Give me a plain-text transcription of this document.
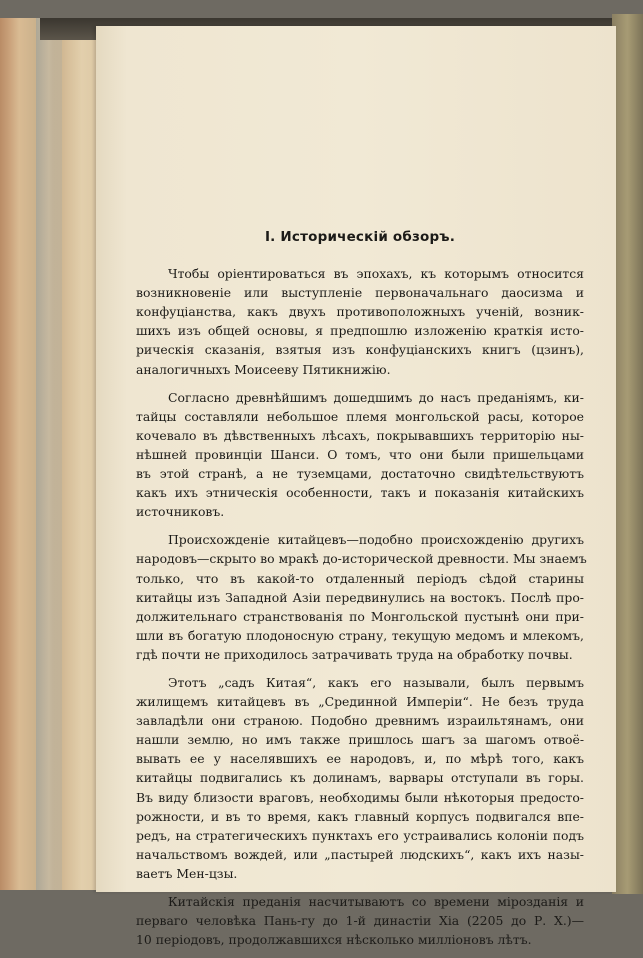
I. Историческiй обзоръ.
Чтобы орiентироваться въ эпохахъ, къ которымъ относится
возникновенiе или выступленiе первоначальнаго даосизма и
конфуцiанства, какъ двухъ противоположныхъ ученiй, возник-
шихъ изъ общей основы, я предпошлю изложенiю краткiя исто-
рическiя сказанiя, взятыя изъ конфуцiанскихъ книгъ (цзинъ),
аналогичныхъ Моисееву Пятикнижiю.
Согласно древнѣйшимъ дошедшимъ до насъ преданiямъ, ки-
тайцы составляли небольшое племя монгольской расы, которое
кочевало въ дѣвственныхъ лѣсахъ, покрывавшихъ территорiю ны-
нѣшней провинцiи Шанси. О томъ, что они были пришельцами
въ этой странѣ, а не туземцами, достаточно свидѣтельствуютъ
какъ ихъ этническiя особенности, такъ и показанiя китайскихъ
источниковъ.
Происхожденiе китайцевъ—подобно происхожденiю другихъ
народовъ—скрыто во мракѣ до-исторической древности. Мы знаемъ
только, что въ какой-то отдаленный перiодъ сѣдой старины
китайцы изъ Западной Азiи передвинулись на востокъ. Послѣ про-
должительнаго странствованiя по Монгольской пустынѣ они при-
шли въ богатую плодоносную страну, текущую медомъ и млекомъ,
гдѣ почти не приходилось затрачивать труда на обработку почвы.
Этотъ „садъ Китая“, какъ его называли, былъ первымъ
жилищемъ китайцевъ въ „Срединной Имперiи“. Не безъ труда
завладѣли они страною. Подобно древнимъ израильтянамъ, они
нашли землю, но имъ также пришлось шагъ за шагомъ отвоё-
вывать ее у населявшихъ ее народовъ, и, по мѣрѣ того, какъ
китайцы подвигались къ долинамъ, варвары отступали въ горы.
Въ виду близости враговъ, необходимы были нѣкоторыя предосто-
рожности, и въ то время, какъ главный корпусъ подвигался впе-
редъ, на стратегическихъ пунктахъ его устраивались колонiи подъ
начальствомъ вождей, или „пастырей людскихъ“, какъ ихъ назы-
ваетъ Мен-цзы.
Китайскiя преданiя насчитываютъ со времени мiрозданiя и
перваго человѣка Пань-гу до 1-й династiи Хiа (2205 до Р. Х.)—
10 перiодовъ, продолжавшихся нѣсколько миллiоновъ лѣтъ.
